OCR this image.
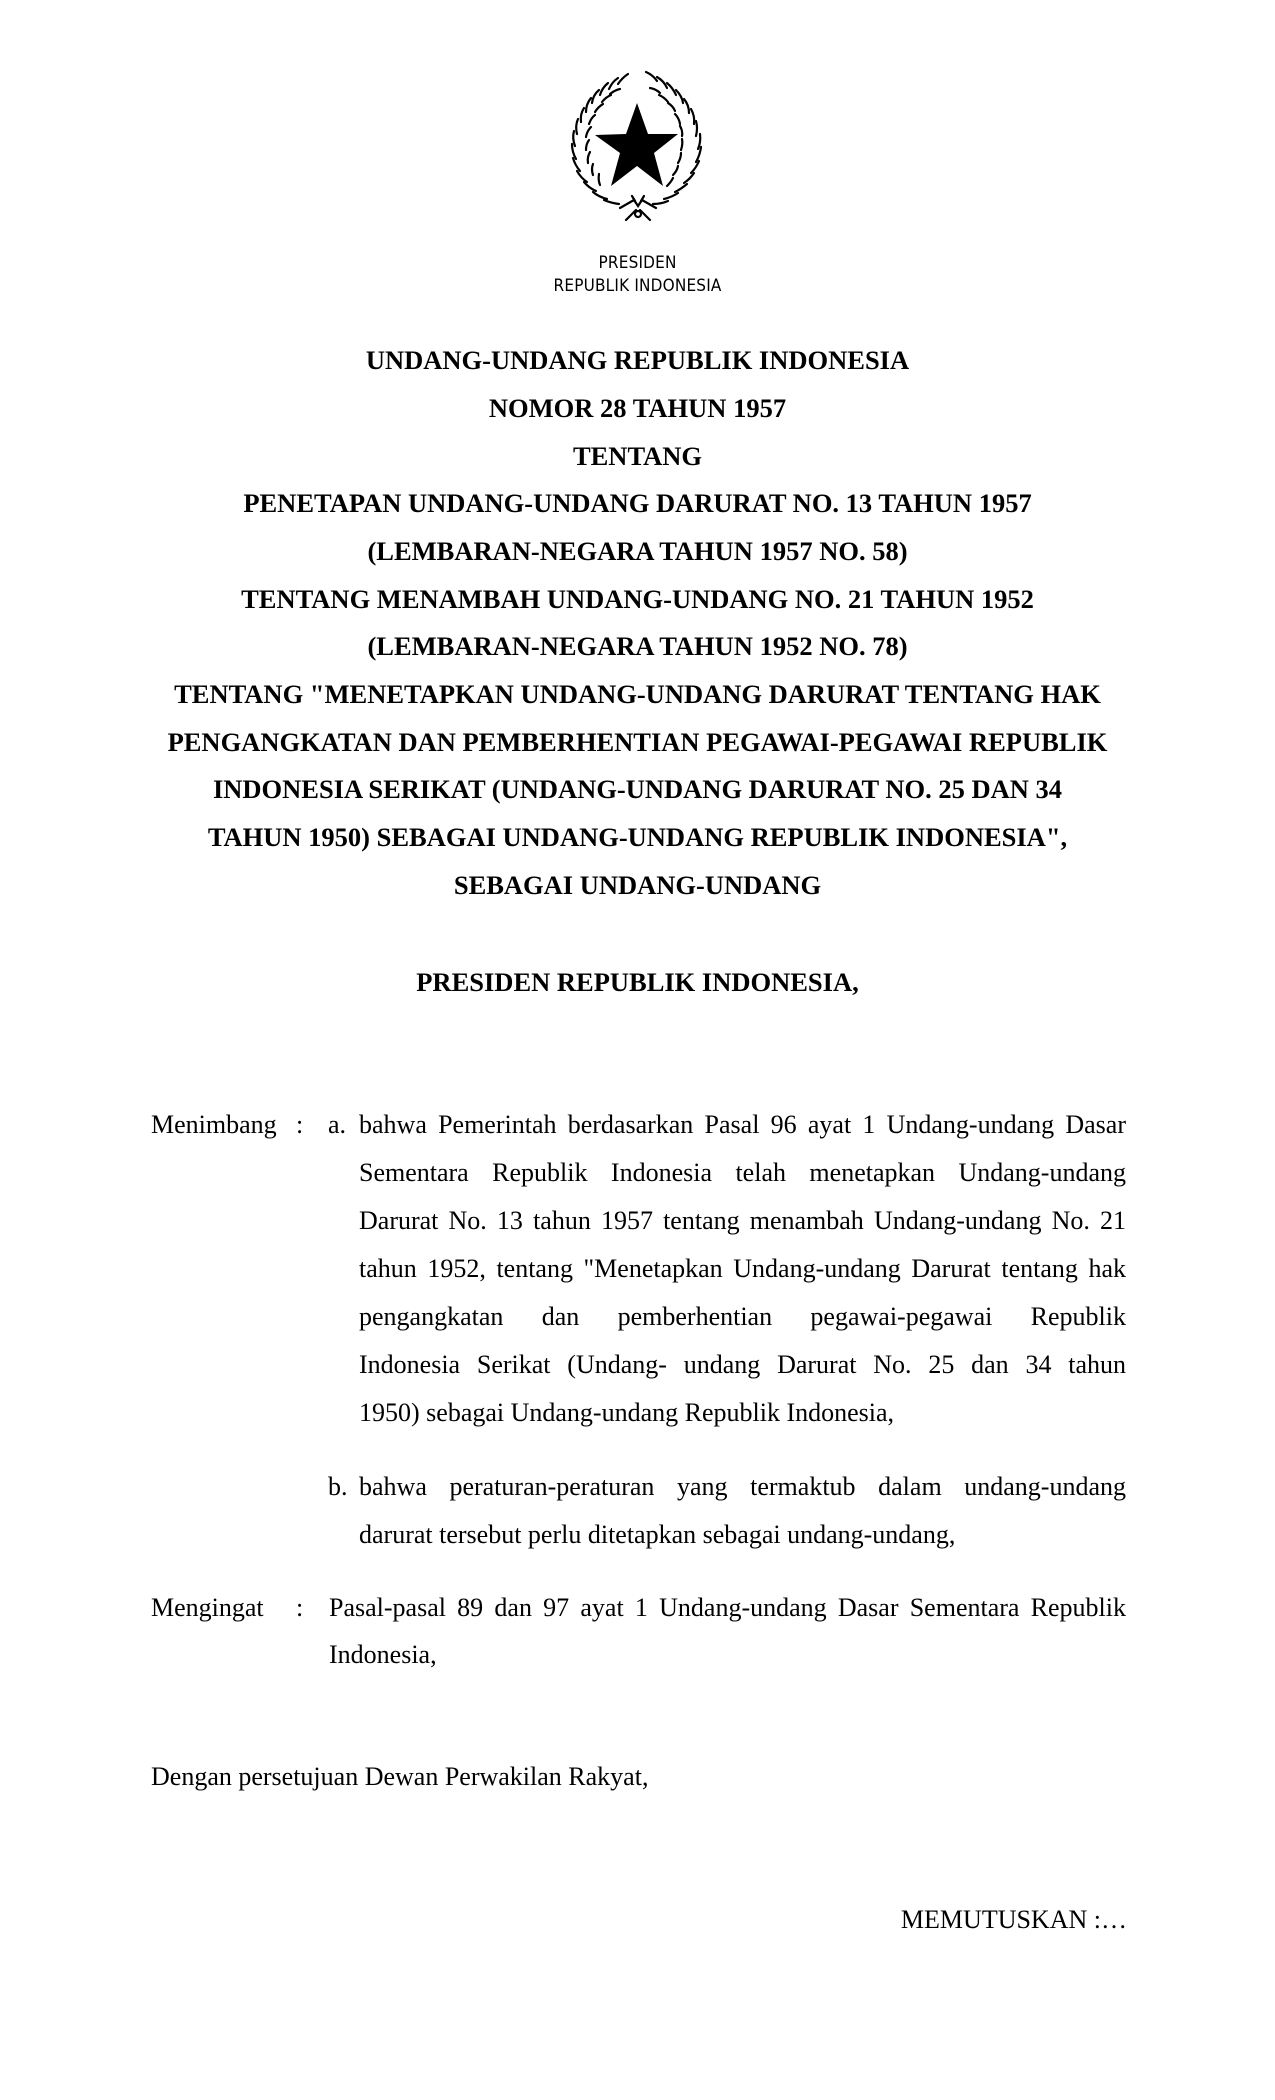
PRESIDEN
REPUBLIK INDONESIA
UNDANG-UNDANG REPUBLIK INDONESIA
NOMOR 28 TAHUN 1957
TENTANG
PENETAPAN UNDANG-UNDANG DARURAT NO. 13 TAHUN 1957
(LEMBARAN-NEGARA TAHUN 1957 NO. 58)
TENTANG MENAMBAH UNDANG-UNDANG NO. 21 TAHUN 1952
(LEMBARAN-NEGARA TAHUN 1952 NO. 78)
TENTANG "MENETAPKAN UNDANG-UNDANG DARURAT TENTANG HAK
PENGANGKATAN DAN PEMBERHENTIAN PEGAWAI-PEGAWAI REPUBLIK
INDONESIA SERIKAT (UNDANG-UNDANG DARURAT NO. 25 DAN 34
TAHUN 1950) SEBAGAI UNDANG-UNDANG REPUBLIK INDONESIA",
SEBAGAI UNDANG-UNDANG
PRESIDEN REPUBLIK INDONESIA,
Menimbang : a. bahwa Pemerintah berdasarkan Pasal 96 ayat 1 Undang-undang Dasar
Sementara Republik Indonesia telah menetapkan Undang-undang
Darurat No. 13 tahun 1957 tentang menambah Undang-undang No. 21
tahun 1952, tentang "Menetapkan Undang-undang Darurat tentang hak
pengangkatan dan pemberhentian pegawai-pegawai Republik
Indonesia Serikat (Undang- undang Darurat No. 25 dan 34 tahun
1950) sebagai Undang-undang Republik Indonesia,
b. bahwa peraturan-peraturan yang termaktub dalam undang-undang
darurat tersebut perlu ditetapkan sebagai undang-undang,
Mengingat : Pasal-pasal 89 dan 97 ayat 1 Undang-undang Dasar Sementara Republik
Indonesia,
Dengan persetujuan Dewan Perwakilan Rakyat,
MEMUTUSKAN :…
